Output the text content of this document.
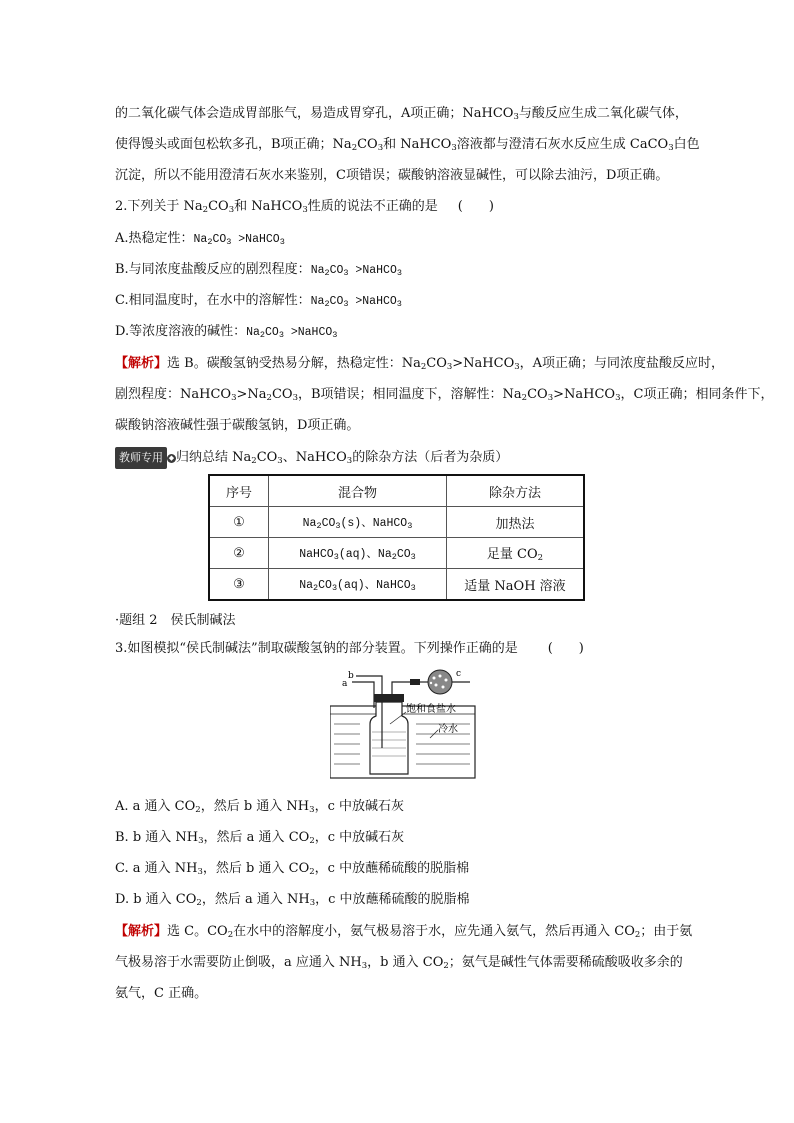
的二氧化碳气体会造成胃部胀气，易造成胃穿孔，A项正确；NaHCO$_3$与酸反应生成二氧化碳气体，
使得馒头或面包松软多孔，B项正确；$Na_2CO_3$和 NaHCO$_3$溶液都与澄清石灰水反应生成 CaCO$_3$白色
沉淀，所以不能用澄清石灰水来鉴别，C项错误；碳酸钠溶液显碱性，可以除去油污，D项正确。
2.下列关于 $Na_2CO_3$和 NaHCO$_3$性质的说法不正确的是 (　　)
A.热稳定性：$Na_2CO_3$ >NaHCO$_3$
B.与同浓度盐酸反应的剧烈程度：$Na_2CO_3$ >NaHCO$_3$
C.相同温度时，在水中的溶解性：$Na_2CO_3$ >NaHCO$_3$
D.等浓度溶液的碱性：$Na_2CO_3$ >NaHCO$_3$
【解析】选 B。碳酸氢钠受热易分解，热稳定性：$Na_2CO_3>NaHCO_3$，A项正确；与同浓度盐酸反应时，
剧烈程度：$NaHCO_3>Na_2CO_3$，B项错误；相同温度下，溶解性：$Na_2CO_3>NaHCO_3$，C项正确；相同条件下，
碳酸钠溶液碱性强于碳酸氢钠，D项正确。
教师专用 ◆ 归纳总结 $Na_2CO_3$、NaHCO$_3$的除杂方法（后者为杂质）
序号	混合物	除杂方法
①	$Na_2CO_3(s)$、NaHCO$_3$	加热法
②	NaHCO$_3$(aq)、$Na_2CO_3$	足量 $CO_2$
③	$Na_2CO_3(aq)$、NaHCO$_3$	适量 NaOH 溶液
·题组 2　侯氏制碱法
3.如图模拟“侯氏制碱法”制取碳酸氢钠的部分装置。下列操作正确的是 (　　)
b
a
c
饱和食盐水
冷水
A. a 通入 $CO_2$，然后 b 通入 $NH_3$，c 中放碱石灰
B. b 通入 $NH_3$，然后 a 通入 $CO_2$，c 中放碱石灰
C. a 通入 $NH_3$，然后 b 通入 $CO_2$，c 中放蘸稀硫酸的脱脂棉
D. b 通入 $CO_2$，然后 a 通入 $NH_3$，c 中放蘸稀硫酸的脱脂棉
【解析】选 C。$CO_2$在水中的溶解度小，氨气极易溶于水，应先通入氨气，然后再通入 $CO_2$；由于氨
气极易溶于水需要防止倒吸，a 应通入 $NH_3$，b 通入 $CO_2$；氨气是碱性气体需要稀硫酸吸收多余的
氨气，C 正确。
